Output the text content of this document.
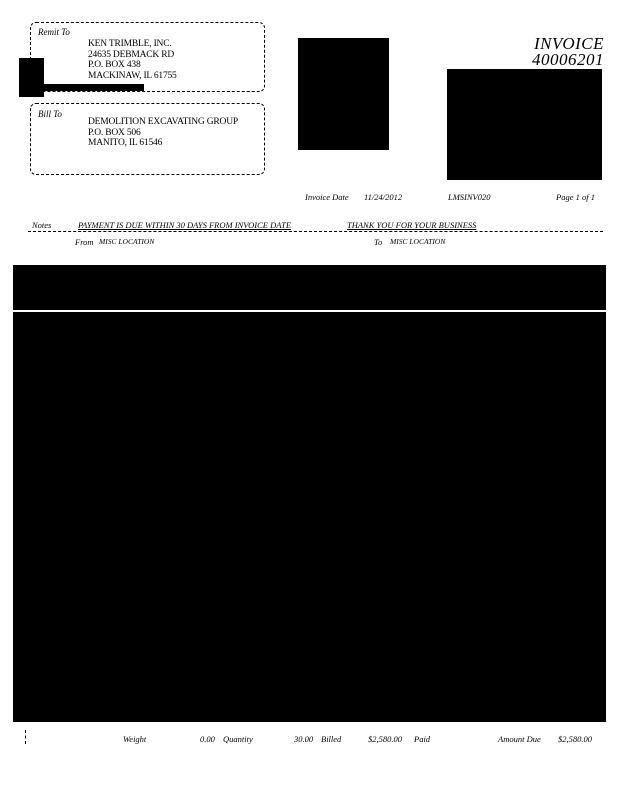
Remit To
KEN TRIMBLE, INC.
24635 DEBMACK RD
P.O. BOX 438
MACKINAW, IL 61755
Bill To
DEMOLITION EXCAVATING GROUP
P.O. BOX 506
MANITO, IL 61546
INVOICE
40006201
Invoice Date 11/24/2012	LMSINV020	Page 1 of 1
Notes	PAYMENT IS DUE WITHIN 30 DAYS FROM INVOICE DATE	THANK YOU FOR YOUR BUSINESS
From MISC LOCATION	To MISC LOCATION
Weight	0.00 Quantity	30.00 Billed	$2,580.00 Paid	Amount Due $2,580.00
